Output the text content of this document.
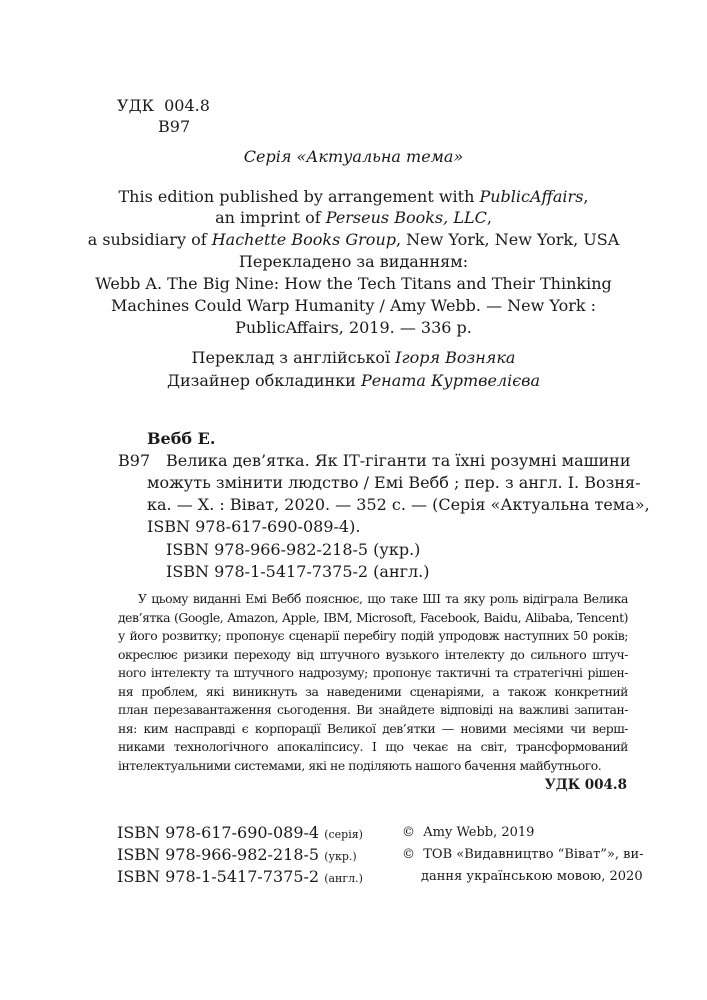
УДК 004.8
В97
Серія «Актуальна тема»
This edition published by arrangement with PublicAffairs,
an imprint of Perseus Books, LLC,
a subsidiary of Hachette Books Group, New York, New York, USA
Перекладено за виданням:
Webb A. The Big Nine: How the Tech Titans and Their Thinking
Machines Could Warp Humanity / Amy Webb. — New York :
PublicAffairs, 2019. — 336 p.
Переклад з англійської Ігоря Возняка
Дизайнер обкладинки Рената Куртвелієва
Вебб Е.
В97 Велика дев’ятка. Як ІТ-гіганти та їхні розумні машини
можуть змінити людство / Емі Вебб ; пер. з англ. І. Возня-
ка. — Х. : Віват, 2020. — 352 с. — (Серія «Актуальна тема»,
ISBN 978-617-690-089-4).
ISBN 978-966-982-218-5 (укр.)
ISBN 978-1-5417-7375-2 (англ.)
У цьому виданні Емі Вебб пояснює, що таке ШІ та яку роль відіграла Велика
дев’ятка (Google, Amazon, Apple, IBM, Microsoft, Facebook, Baidu, Alibaba, Tencent)
у його розвитку; пропонує сценарії перебігу подій упродовж наступних 50 років;
окреслює ризики переходу від штучного вузького інтелекту до сильного штуч-
ного інтелекту та штучного надрозуму; пропонує тактичні та стратегічні рішен-
ня проблем, які виникнуть за наведеними сценаріями, а також конкретний
план перезавантаження сьогодення. Ви знайдете відповіді на важливі запитан-
ня: ким насправді є корпорації Великої дев’ятки — новими месіями чи верш-
никами технологічного апокаліпсису. І що чекає на світ, трансформований
інтелектуальними системами, які не поділяють нашого бачення майбутнього.
УДК 004.8
ISBN 978-617-690-089-4 (серія)
ISBN 978-966-982-218-5 (укр.)
ISBN 978-1-5417-7375-2 (англ.)
© Amy Webb, 2019
© ТОВ «Видавництво “Віват”», ви-
дання українською мовою, 2020
